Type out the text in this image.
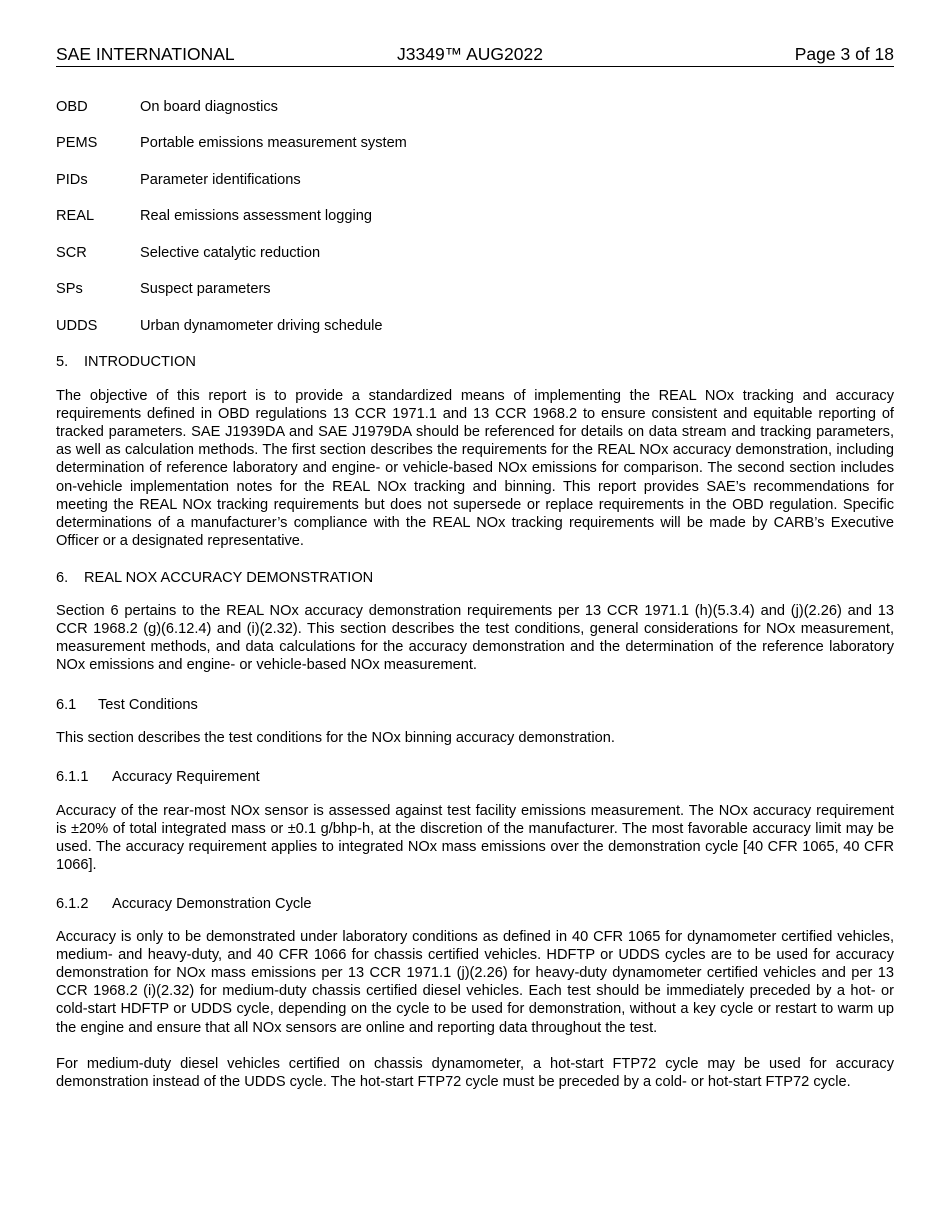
SAE INTERNATIONAL	J3349™ AUG2022	Page 3 of 18
OBD	On board diagnostics
PEMS	Portable emissions measurement system
PIDs	Parameter identifications
REAL	Real emissions assessment logging
SCR	Selective catalytic reduction
SPs	Suspect parameters
UDDS	Urban dynamometer driving schedule
5. INTRODUCTION

The objective of this report is to provide a standardized means of implementing the REAL NOx tracking and accuracy requirements defined in OBD regulations 13 CCR 1971.1 and 13 CCR 1968.2 to ensure consistent and equitable reporting of tracked parameters. SAE J1939DA and SAE J1979DA should be referenced for details on data stream and tracking parameters, as well as calculation methods. The first section describes the requirements for the REAL NOx accuracy demonstration, including determination of reference laboratory and engine- or vehicle-based NOx emissions for comparison. The second section includes on-vehicle implementation notes for the REAL NOx tracking and binning. This report provides SAE’s recommendations for meeting the REAL NOx tracking requirements but does not supersede or replace requirements in the OBD regulation. Specific determinations of a manufacturer’s compliance with the REAL NOx tracking requirements will be made by CARB’s Executive Officer or a designated representative.

6. REAL NOX ACCURACY DEMONSTRATION

Section 6 pertains to the REAL NOx accuracy demonstration requirements per 13 CCR 1971.1 (h)(5.3.4) and (j)(2.26) and 13 CCR 1968.2 (g)(6.12.4) and (i)(2.32). This section describes the test conditions, general considerations for NOx measurement, measurement methods, and data calculations for the accuracy demonstration and the determination of the reference laboratory NOx emissions and engine- or vehicle-based NOx measurement.

6.1 Test Conditions

This section describes the test conditions for the NOx binning accuracy demonstration.

6.1.1 Accuracy Requirement

Accuracy of the rear-most NOx sensor is assessed against test facility emissions measurement. The NOx accuracy requirement is ±20% of total integrated mass or ±0.1 g/bhp-h, at the discretion of the manufacturer. The most favorable accuracy limit may be used. The accuracy requirement applies to integrated NOx mass emissions over the demonstration cycle [40 CFR 1065, 40 CFR 1066].

6.1.2 Accuracy Demonstration Cycle

Accuracy is only to be demonstrated under laboratory conditions as defined in 40 CFR 1065 for dynamometer certified vehicles, medium- and heavy-duty, and 40 CFR 1066 for chassis certified vehicles. HDFTP or UDDS cycles are to be used for accuracy demonstration for NOx mass emissions per 13 CCR 1971.1 (j)(2.26) for heavy-duty dynamometer certified vehicles and per 13 CCR 1968.2 (i)(2.32) for medium-duty chassis certified diesel vehicles. Each test should be immediately preceded by a hot- or cold-start HDFTP or UDDS cycle, depending on the cycle to be used for demonstration, without a key cycle or restart to warm up the engine and ensure that all NOx sensors are online and reporting data throughout the test.

For medium-duty diesel vehicles certified on chassis dynamometer, a hot-start FTP72 cycle may be used for accuracy demonstration instead of the UDDS cycle. The hot-start FTP72 cycle must be preceded by a cold- or hot-start FTP72 cycle.
